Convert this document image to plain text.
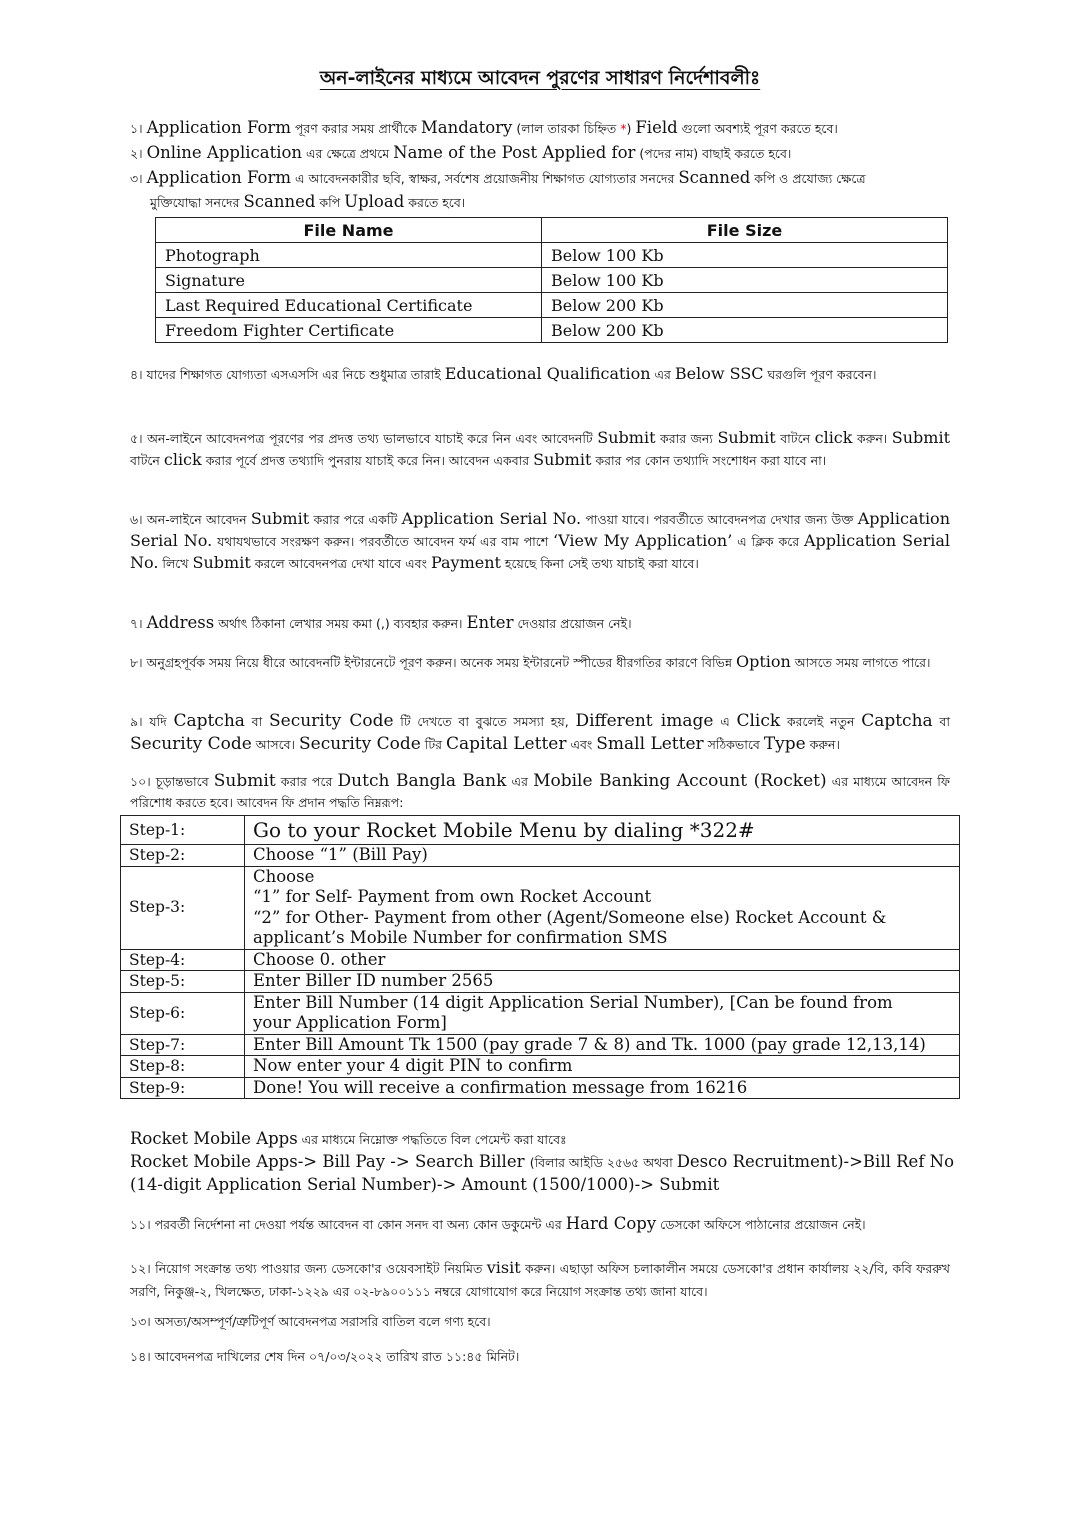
অন-লাইনের মাধ্যমে আবেদন পুরণের সাধারণ নির্দেশাবলীঃ
১। Application Form পূরণ করার সময় প্রার্থীকে Mandatory (লাল তারকা চিহ্নিত *) Field গুলো অবশ্যই পূরণ করতে হবে।
২। Online Application এর ক্ষেত্রে প্রথমে Name of the Post Applied for (পদের নাম) বাছাই করতে হবে।
৩। Application Form এ আবেদনকারীর ছবি, স্বাক্ষর, সর্বশেষ প্রয়োজনীয় শিক্ষাগত যোগ্যতার সনদের Scanned কপি ও প্রযোজ্য ক্ষেত্রে
মুক্তিযোদ্ধা সনদের Scanned কপি Upload করতে হবে।
File Name	File Size
Photograph	Below 100 Kb
Signature	Below 100 Kb
Last Required Educational Certificate	Below 200 Kb
Freedom Fighter Certificate	Below 200 Kb
৪। যাদের শিক্ষাগত যোগ্যতা এসএসসি এর নিচে শুধুমাত্র তারাই Educational Qualification এর Below SSC ঘরগুলি পূরণ করবেন।
৫। অন-লাইনে আবেদনপত্র পূরণের পর প্রদত্ত তথ্য ভালভাবে যাচাই করে নিন এবং আবেদনটি Submit করার জন্য Submit বাটনে click করুন। Submit বাটনে click করার পূর্বে প্রদত্ত তথ্যাদি পুনরায় যাচাই করে নিন। আবেদন একবার Submit করার পর কোন তথ্যাদি সংশোধন করা যাবে না।
৬। অন-লাইনে আবেদন Submit করার পরে একটি Application Serial No. পাওয়া যাবে। পরবর্তীতে আবেদনপত্র দেখার জন্য উক্ত Application Serial No. যথাযথভাবে সংরক্ষণ করুন। পরবর্তীতে আবেদন ফর্ম এর বাম পাশে ‘View My Application’ এ ক্লিক করে Application Serial No. লিখে Submit করলে আবেদনপত্র দেখা যাবে এবং Payment হয়েছে কিনা সেই তথ্য যাচাই করা যাবে।
৭। Address অর্থাৎ ঠিকানা লেখার সময় কমা (,) ব্যবহার করুন। Enter দেওয়ার প্রয়োজন নেই।
৮। অনুগ্রহপূর্বক সময় নিয়ে ধীরে আবেদনটি ইন্টারনেটে পূরণ করুন। অনেক সময় ইন্টারনেট স্পীডের ধীরগতির কারণে বিভিন্ন Option আসতে সময় লাগতে পারে।
৯। যদি Captcha বা Security Code টি দেখতে বা বুঝতে সমস্যা হয়, Different image এ Click করলেই নতুন Captcha বা Security Code আসবে। Security Code টির Capital Letter এবং Small Letter সঠিকভাবে Type করুন।
১০। চূড়ান্তভাবে Submit করার পরে Dutch Bangla Bank এর Mobile Banking Account (Rocket) এর মাধ্যমে আবেদন ফি পরিশোধ করতে হবে। আবেদন ফি প্রদান পদ্ধতি নিম্নরূপ:
Step-1:	Go to your Rocket Mobile Menu by dialing *322#
Step-2:	Choose “1” (Bill Pay)
Step-3:	Choose
“1” for Self- Payment from own Rocket Account
“2” for Other- Payment from other (Agent/Someone else) Rocket Account &
applicant’s Mobile Number for confirmation SMS

Step-4:	Choose 0. other
Step-5:	Enter Biller ID number 2565
Step-6:	Enter Bill Number (14 digit Application Serial Number), [Can be found from
your Application Form]

Step-7:	Enter Bill Amount Tk 1500 (pay grade 7 & 8) and Tk. 1000 (pay grade 12,13,14)
Step-8:	Now enter your 4 digit PIN to confirm
Step-9:	Done! You will receive a confirmation message from 16216
Rocket Mobile Apps এর মাধ্যমে নিম্নোক্ত পদ্ধতিতে বিল পেমেন্ট করা যাবেঃ
Rocket Mobile Apps-> Bill Pay -> Search Biller (বিলার আইডি ২৫৬৫ অথবা Desco Recruitment)->Bill Ref No (14-digit Application Serial Number)-> Amount (1500/1000)-> Submit
১১। পরবর্তী নির্দেশনা না দেওয়া পর্যন্ত আবেদন বা কোন সনদ বা অন্য কোন ডকুমেন্ট এর Hard Copy ডেসকো অফিসে পাঠানোর প্রয়োজন নেই।
১২। নিয়োগ সংক্রান্ত তথ্য পাওয়ার জন্য ডেসকো'র ওয়েবসাইট নিয়মিত visit করুন। এছাড়া অফিস চলাকালীন সময়ে ডেসকো'র প্রধান কার্যালয় ২২/বি, কবি ফররুখ সরণি, নিকুঞ্জ-২, খিলক্ষেত, ঢাকা-১২২৯ এর ০২-৮৯০০১১১ নম্বরে যোগাযোগ করে নিয়োগ সংক্রান্ত তথ্য জানা যাবে।
১৩। অসত্য/অসম্পূর্ণ/ত্রুটিপূর্ণ আবেদনপত্র সরাসরি বাতিল বলে গণ্য হবে।
১৪। আবেদনপত্র দাখিলের শেষ দিন ০৭/০৩/২০২২ তারিখ রাত ১১:৪৫ মিনিট।
